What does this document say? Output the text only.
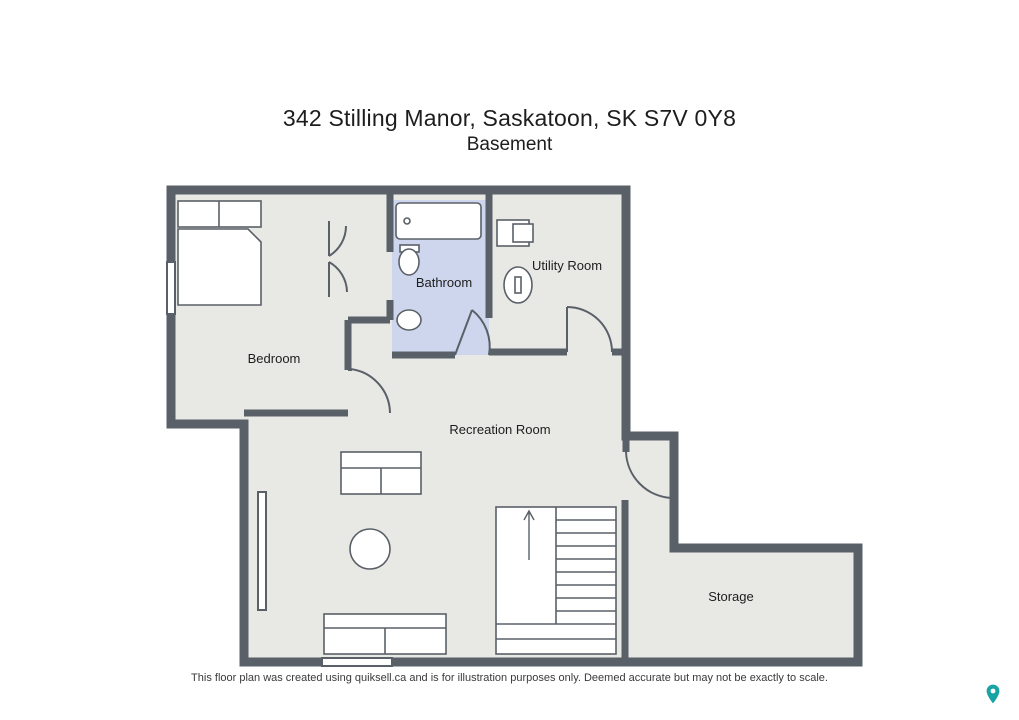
342 Stilling Manor, Saskatoon, SK S7V 0Y8
Basement
Bedroom
Bathroom
Utility Room
Recreation Room
Storage
This floor plan was created using quiksell.ca and is for illustration purposes only. Deemed accurate but may not be exactly to scale.
